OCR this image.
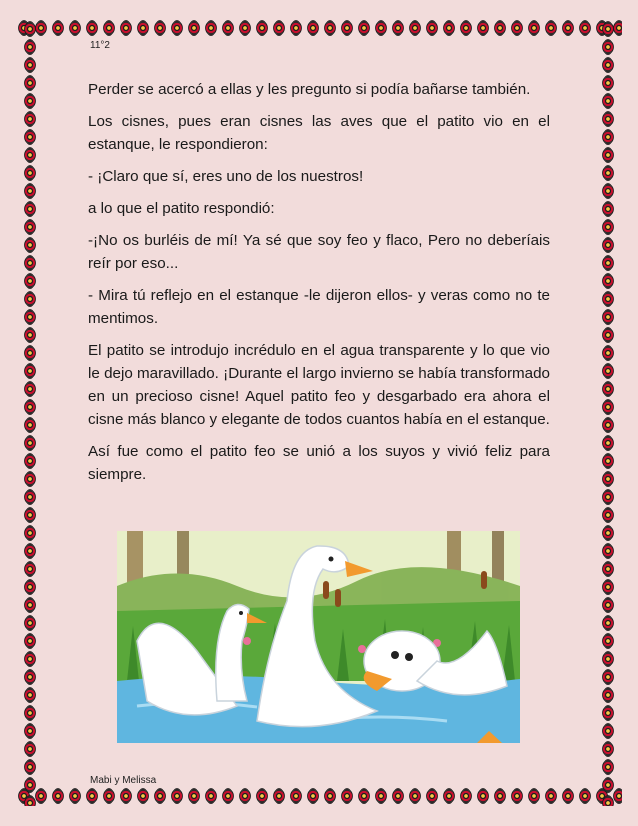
11°2

Perder se acercó a ellas y les pregunto si podía bañarse también.

Los cisnes, pues eran cisnes las aves que el patito vio en el estanque, le respondieron:

- ¡Claro que sí, eres uno de los nuestros!

a lo que el patito respondió:

-¡No os burléis de mí! Ya sé que soy feo y flaco, Pero no deberíais reír por eso...

- Mira tú reflejo en el estanque -le dijeron ellos- y veras como no te mentimos.

El patito se introdujo incrédulo en el agua transparente y lo que vio le dejo maravillado. ¡Durante el largo invierno se había transformado en un precioso cisne! Aquel patito feo y desgarbado era ahora el cisne más blanco y elegante de todos cuantos había en el estanque.

Así fue como el patito feo se unió a los suyos y vivió feliz para siempre.

Mabi y Melissa
